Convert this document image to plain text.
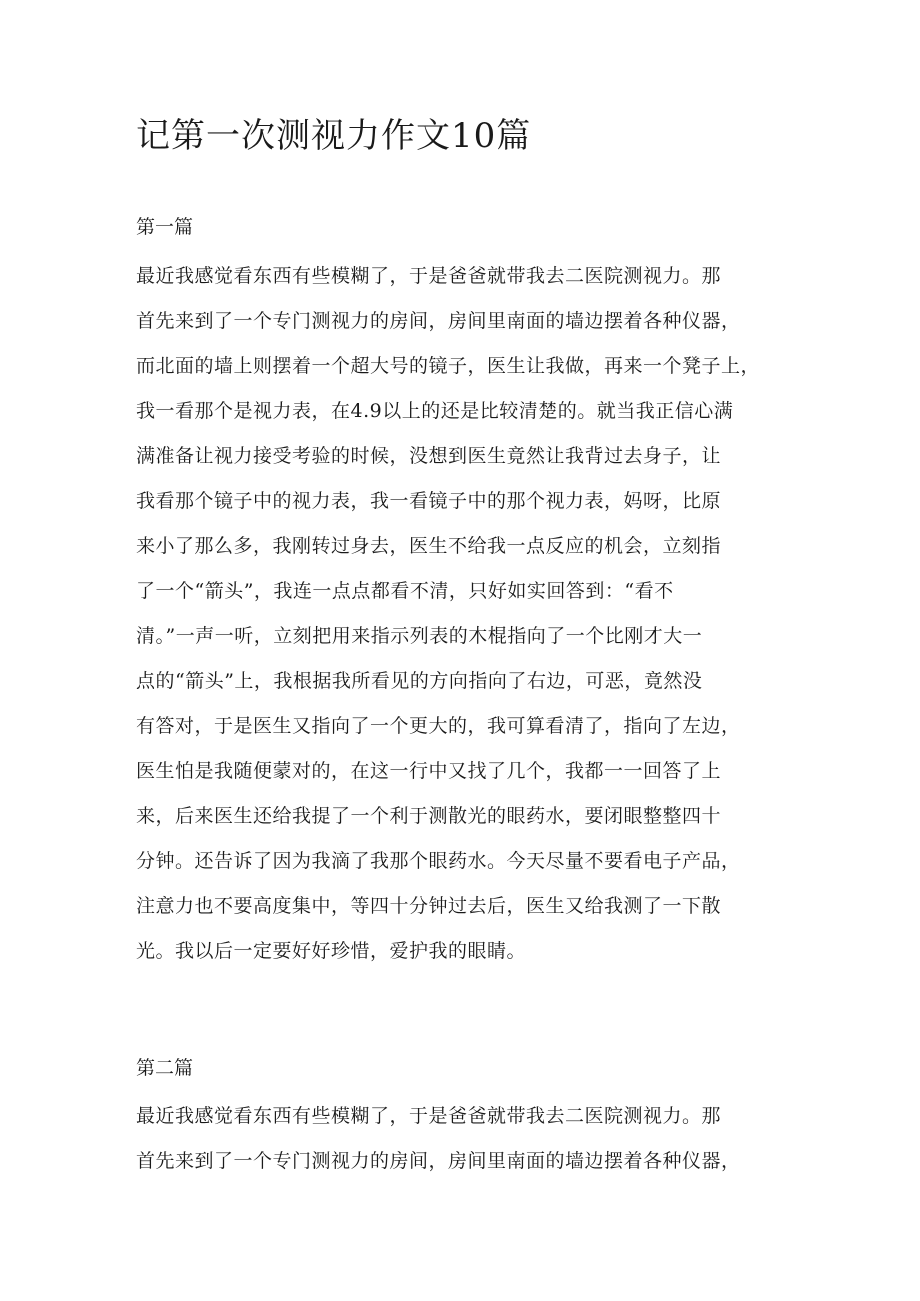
记第一次测视力作文10篇
第一篇
最近我感觉看东西有些模糊了，于是爸爸就带我去二医院测视力。那
首先来到了一个专门测视力的房间，房间里南面的墙边摆着各种仪器，
而北面的墙上则摆着一个超大号的镜子，医生让我做，再来一个凳子上，
我一看那个是视力表，在4.9以上的还是比较清楚的。就当我正信心满
满准备让视力接受考验的时候，没想到医生竟然让我背过去身子，让
我看那个镜子中的视力表，我一看镜子中的那个视力表，妈呀，比原
来小了那么多，我刚转过身去，医生不给我一点反应的机会，立刻指
了一个“箭头”，我连一点点都看不清，只好如实回答到：“看不
清。”一声一听，立刻把用来指示列表的木棍指向了一个比刚才大一
点的“箭头”上，我根据我所看见的方向指向了右边，可恶，竟然没
有答对，于是医生又指向了一个更大的，我可算看清了，指向了左边，
医生怕是我随便蒙对的，在这一行中又找了几个，我都一一回答了上
来，后来医生还给我提了一个利于测散光的眼药水，要闭眼整整四十
分钟。还告诉了因为我滴了我那个眼药水。今天尽量不要看电子产品，
注意力也不要高度集中，等四十分钟过去后，医生又给我测了一下散
光。我以后一定要好好珍惜，爱护我的眼睛。
第二篇
最近我感觉看东西有些模糊了，于是爸爸就带我去二医院测视力。那
首先来到了一个专门测视力的房间，房间里南面的墙边摆着各种仪器，
